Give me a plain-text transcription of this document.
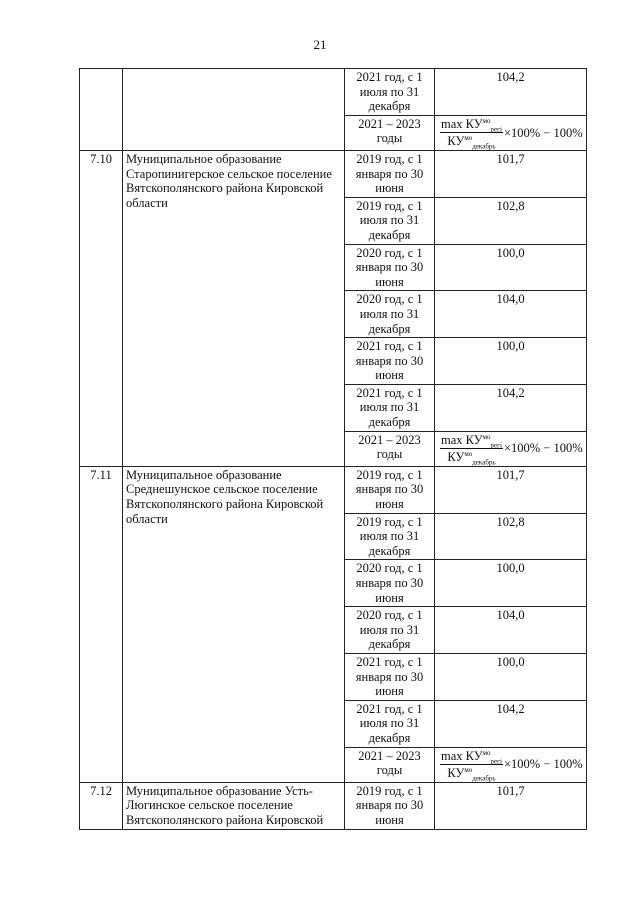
21
		2021 год, с 1 июля по 31 декабря	104,2
		2021 – 2023 годы	$\frac{\max КУ^{мо}_{регj}}{КУ^{мо}_{декабрь}} \times 100\% - 100\%$

7.10	Муниципальное образование Старопинигерское сельское поселение Вятскополянского района Кировской области	2019 год, с 1 января по 30 июня	101,7
		2019 год, с 1 июля по 31 декабря	102,8
		2020 год, с 1 января по 30 июня	100,0
		2020 год, с 1 июля по 31 декабря	104,0
		2021 год, с 1 января по 30 июня	100,0
		2021 год, с 1 июля по 31 декабря	104,2
		2021 – 2023 годы	$\frac{\max КУ^{мо}_{регj}}{КУ^{мо}_{декабрь}} \times 100\% - 100\%$

7.11	Муниципальное образование Среднешунское сельское поселение Вятскополянского района Кировской области	2019 год, с 1 января по 30 июня	101,7
		2019 год, с 1 июля по 31 декабря	102,8
		2020 год, с 1 января по 30 июня	100,0
		2020 год, с 1 июля по 31 декабря	104,0
		2021 год, с 1 января по 30 июня	100,0
		2021 год, с 1 июля по 31 декабря	104,2
		2021 – 2023 годы	$\frac{\max КУ^{мо}_{регj}}{КУ^{мо}_{декабрь}} \times 100\% - 100\%$

7.12	Муниципальное образование Усть-Люгинское сельское поселение Вятскополянского района Кировской	2019 год, с 1 января по 30 июня	101,7
